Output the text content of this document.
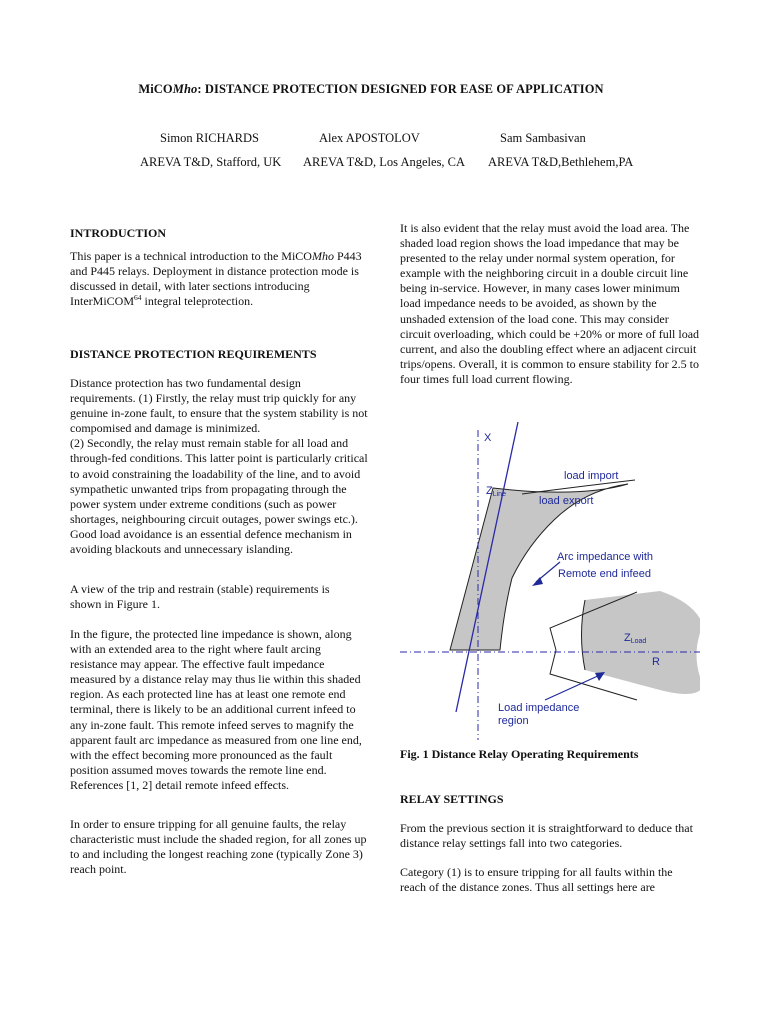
MiCOMho: DISTANCE PROTECTION DESIGNED FOR EASE OF APPLICATION
Simon RICHARDS	Alex APOSTOLOV	Sam Sambasivan
AREVA T&D, Stafford, UK AREVA T&D, Los Angeles, CA AREVA T&D,Bethlehem,PA
INTRODUCTION

This paper is a technical introduction to the MiCOMho P443 and P445 relays. Deployment in distance protection mode is discussed in detail, with later sections introducing InterMiCOM$^{64}$ integral teleprotection.

DISTANCE PROTECTION REQUIREMENTS

Distance protection has two fundamental design requirements. (1) Firstly, the relay must trip quickly for any genuine in-zone fault, to ensure that the system stability is not compomised and damage is minimized.
(2) Secondly, the relay must remain stable for all load and through-fed conditions. This latter point is particularly critical to avoid constraining the loadability of the line, and to avoid sympathetic unwanted trips from propagating through the power system under extreme conditions (such as power shortages, neighbouring circuit outages, power swings etc.). Good load avoidance is an essential defence mechanism in avoiding blackouts and unnecessary islanding.

A view of the trip and restrain (stable) requirements is shown in Figure 1.

In the figure, the protected line impedance is shown, along with an extended area to the right where fault arcing resistance may appear. The effective fault impedance measured by a distance relay may thus lie within this shaded region. As each protected line has at least one remote end terminal, there is likely to be an additional current infeed to any in-zone fault. This remote infeed serves to magnify the apparent fault arc impedance as measured from one line end, with the effect becoming more pronounced as the fault position assumed moves towards the remote line end. References [1, 2] detail remote infeed effects.

In order to ensure tripping for all genuine faults, the relay characteristic must include the shaded region, for all zones up to and including the longest reaching zone (typically Zone 3) reach point.

It is also evident that the relay must avoid the load area. The shaded load region shows the load impedance that may be presented to the relay under normal system operation, for example with the neighboring circuit in a double circuit line being in-service. However, in many cases lower minimum load impedance needs to be avoided, as shown by the unshaded extension of the load cone. This may consider circuit overloading, which could be +20% or more of full load current, and also the doubling effect where an adjacent circuit trips/opens. Overall, it is common to ensure stability for 2.5 to four times full load current flowing.

X
ZLine
load import
load export
Arc impedance with
Remote end infeed
ZLoad
R
Load impedance
region
Fig. 1 Distance Relay Operating Requirements
RELAY SETTINGS

From the previous section it is straightforward to deduce that distance relay settings fall into two categories.

Category (1) is to ensure tripping for all faults within the reach of the distance zones. Thus all settings here are
